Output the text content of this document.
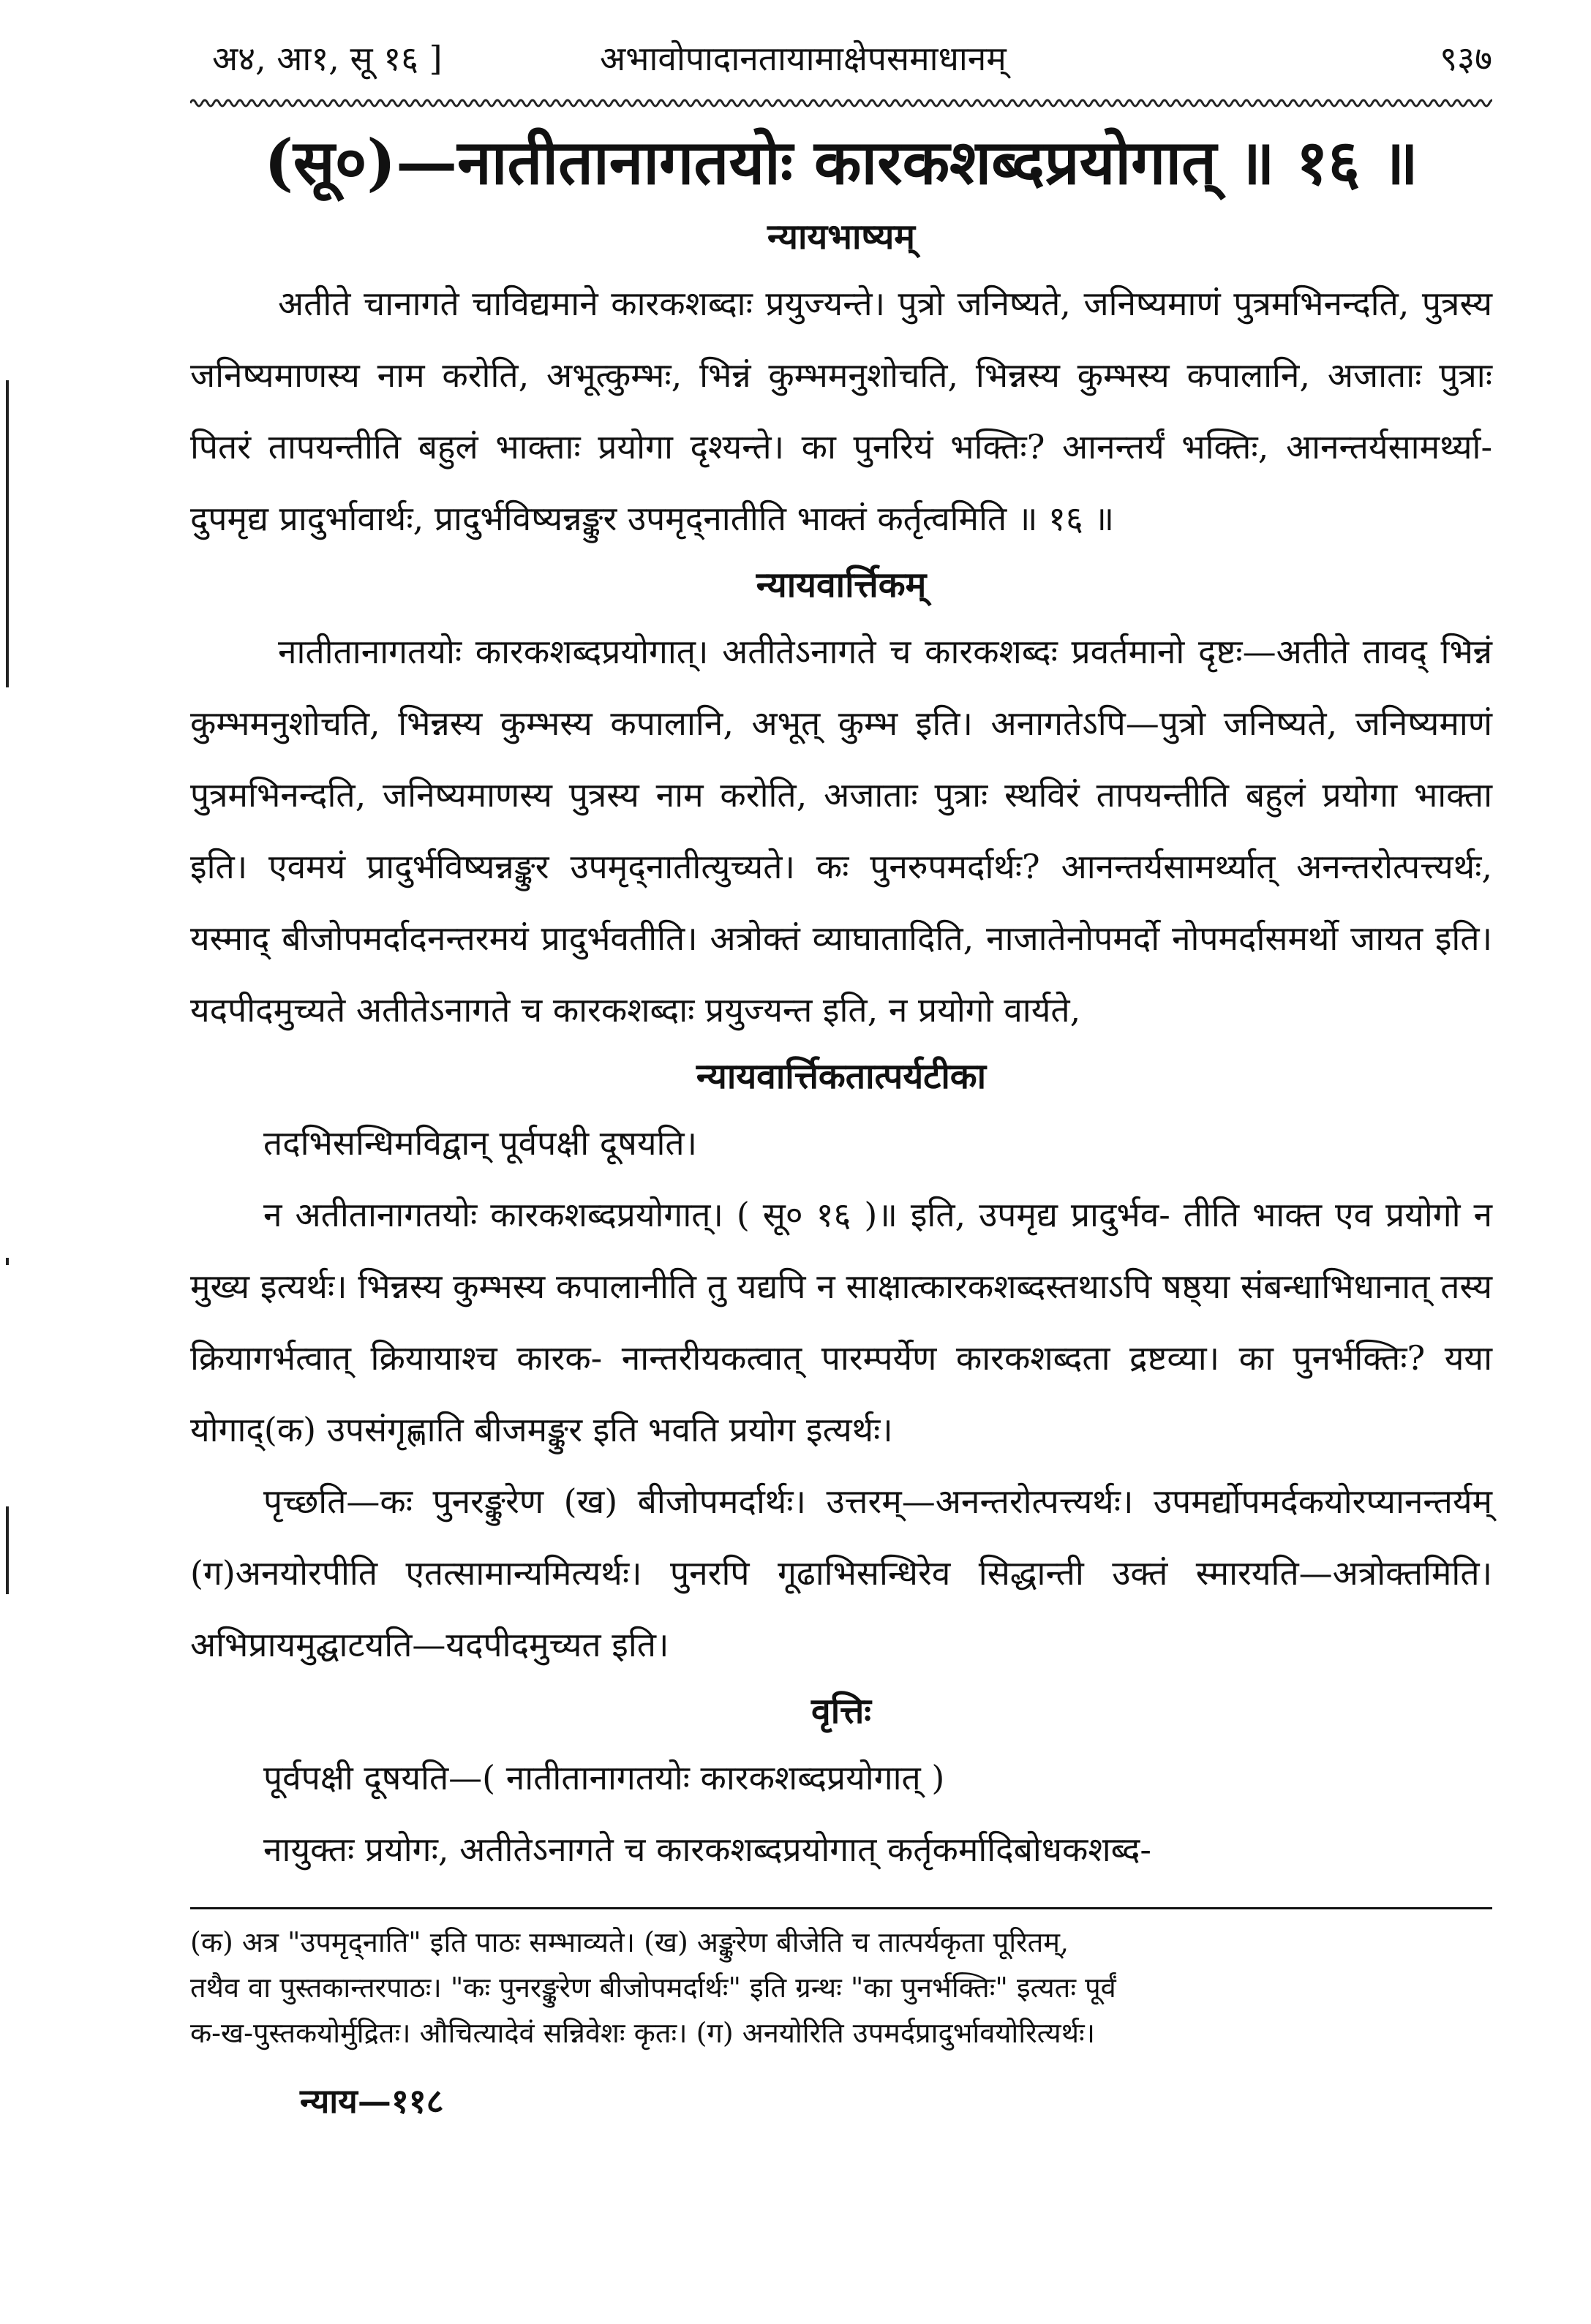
अ४, आ१, सू १६ ]	अभावोपादानतायामाक्षेपसमाधानम्	९३७
(सू०)—नातीतानागतयोः कारकशब्दप्रयोगात् ॥ १६ ॥
न्यायभाष्यम्

अतीते चानागते चाविद्यमाने कारकशब्दाः प्रयुज्यन्ते। पुत्रो जनिष्यते, जनिष्यमाणं पुत्रमभिनन्दति, पुत्रस्य जनिष्यमाणस्य नाम करोति, अभूत्कुम्भः, भिन्नं कुम्भमनुशोचति, भिन्नस्य कुम्भस्य कपालानि, अजाताः पुत्राः पितरं तापयन्तीति बहुलं भाक्ताः प्रयोगा दृश्यन्ते। का पुनरियं भक्तिः? आनन्तर्यं भक्तिः, आनन्तर्यसामर्थ्या- दुपमृद्य प्रादुर्भावार्थः, प्रादुर्भविष्यन्नङ्कुर उपमृद्नातीति भाक्तं कर्तृत्वमिति ॥ १६ ॥

न्यायवार्त्तिकम्

नातीतानागतयोः कारकशब्दप्रयोगात्। अतीतेऽनागते च कारकशब्दः प्रवर्तमानो दृष्टः—अतीते तावद् भिन्नं कुम्भमनुशोचति, भिन्नस्य कुम्भस्य कपालानि, अभूत् कुम्भ इति। अनागतेऽपि—पुत्रो जनिष्यते, जनिष्यमाणं पुत्रमभिनन्दति, जनिष्यमाणस्य पुत्रस्य नाम करोति, अजाताः पुत्राः स्थविरं तापयन्तीति बहुलं प्रयोगा भाक्ता इति। एवमयं प्रादुर्भविष्यन्नङ्कुर उपमृद्नातीत्युच्यते। कः पुनरुपमर्दार्थः? आनन्तर्यसामर्थ्यात् अनन्तरोत्पत्त्यर्थः, यस्माद् बीजोपमर्दादनन्तरमयं प्रादुर्भवतीति। अत्रोक्तं व्याघातादिति, नाजातेनोपमर्दो नोपमर्दासमर्थो जायत इति। यदपीदमुच्यते अतीतेऽनागते च कारकशब्दाः प्रयुज्यन्त इति, न प्रयोगो वार्यते,

न्यायवार्त्तिकतात्पर्यटीका

तदभिसन्धिमविद्वान् पूर्वपक्षी दूषयति।

न अतीतानागतयोः कारकशब्दप्रयोगात्। ( सू० १६ )॥ इति, उपमृद्य प्रादुर्भव- तीति भाक्त एव प्रयोगो न मुख्य इत्यर्थः। भिन्नस्य कुम्भस्य कपालानीति तु यद्यपि न साक्षात्कारकशब्दस्तथाऽपि षष्ठ्या संबन्धाभिधानात् तस्य क्रियागर्भत्वात् क्रियायाश्च कारक- नान्तरीयकत्वात् पारम्पर्येण कारकशब्दता द्रष्टव्या। का पुनर्भक्तिः? यया योगाद्(क) उपसंगृह्णाति बीजमङ्कुर इति भवति प्रयोग इत्यर्थः।

पृच्छति—कः पुनरङ्कुरेण (ख) बीजोपमर्दार्थः। उत्तरम्—अनन्तरोत्पत्त्यर्थः। उपमर्द्योपमर्दकयोरप्यानन्तर्यम् (ग)अनयोरपीति एतत्सामान्यमित्यर्थः। पुनरपि गूढाभिसन्धिरेव सिद्धान्ती उक्तं स्मारयति—अत्रोक्तमिति। अभिप्रायमुद्घाटयति—यदपीदमुच्यत इति।

वृत्तिः

पूर्वपक्षी दूषयति—( नातीतानागतयोः कारकशब्दप्रयोगात् )

नायुक्तः प्रयोगः, अतीतेऽनागते च कारकशब्दप्रयोगात् कर्तृकर्मादिबोधकशब्द-

(क) अत्र "उपमृद्नाति" इति पाठः सम्भाव्यते। (ख) अङ्कुरेण बीजेति च तात्पर्यकृता पूरितम्,
तथैव वा पुस्तकान्तरपाठः। "कः पुनरङ्कुरेण बीजोपमर्दार्थः" इति ग्रन्थः "का पुनर्भक्तिः" इत्यतः पूर्वं
क-ख-पुस्तकयोर्मुद्रितः। औचित्यादेवं सन्निवेशः कृतः। (ग) अनयोरिति उपमर्दप्रादुर्भावयोरित्यर्थः।
न्याय—११८
